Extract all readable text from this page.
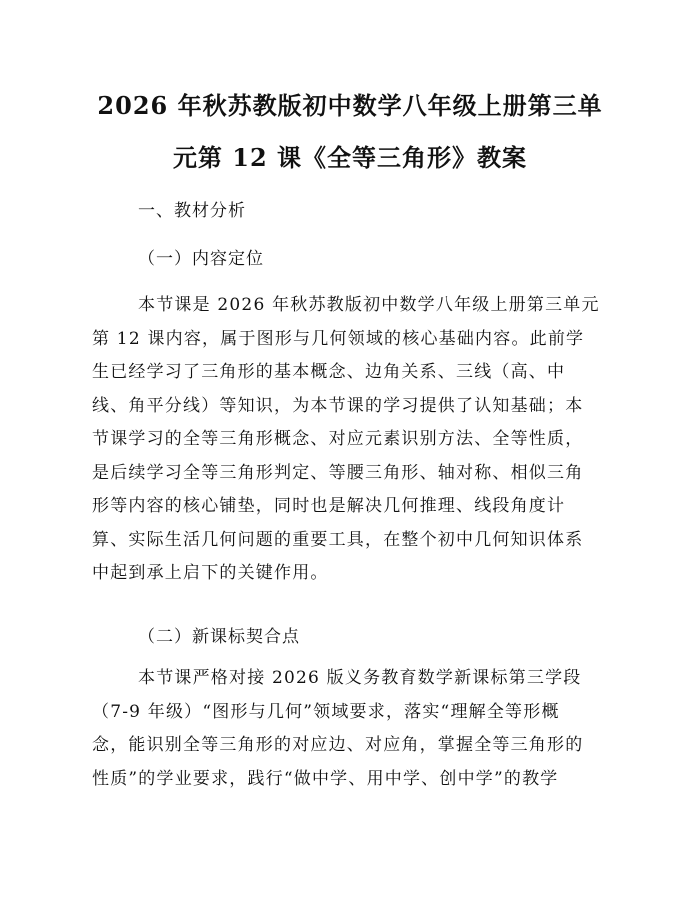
2026 年秋苏教版初中数学八年级上册第三单
元第 12 课《全等三角形》教案
一、教材分析
（一）内容定位
本节课是 2026 年秋苏教版初中数学八年级上册第三单元
第 12 课内容，属于图形与几何领域的核心基础内容。此前学
生已经学习了三角形的基本概念、边角关系、三线（高、中
线、角平分线）等知识，为本节课的学习提供了认知基础；本
节课学习的全等三角形概念、对应元素识别方法、全等性质，
是后续学习全等三角形判定、等腰三角形、轴对称、相似三角
形等内容的核心铺垫，同时也是解决几何推理、线段角度计
算、实际生活几何问题的重要工具，在整个初中几何知识体系
中起到承上启下的关键作用。
（二）新课标契合点
本节课严格对接 2026 版义务教育数学新课标第三学段
（7-9 年级）“图形与几何”领域要求，落实“理解全等形概
念，能识别全等三角形的对应边、对应角，掌握全等三角形的
性质”的学业要求，践行“做中学、用中学、创中学”的教学
